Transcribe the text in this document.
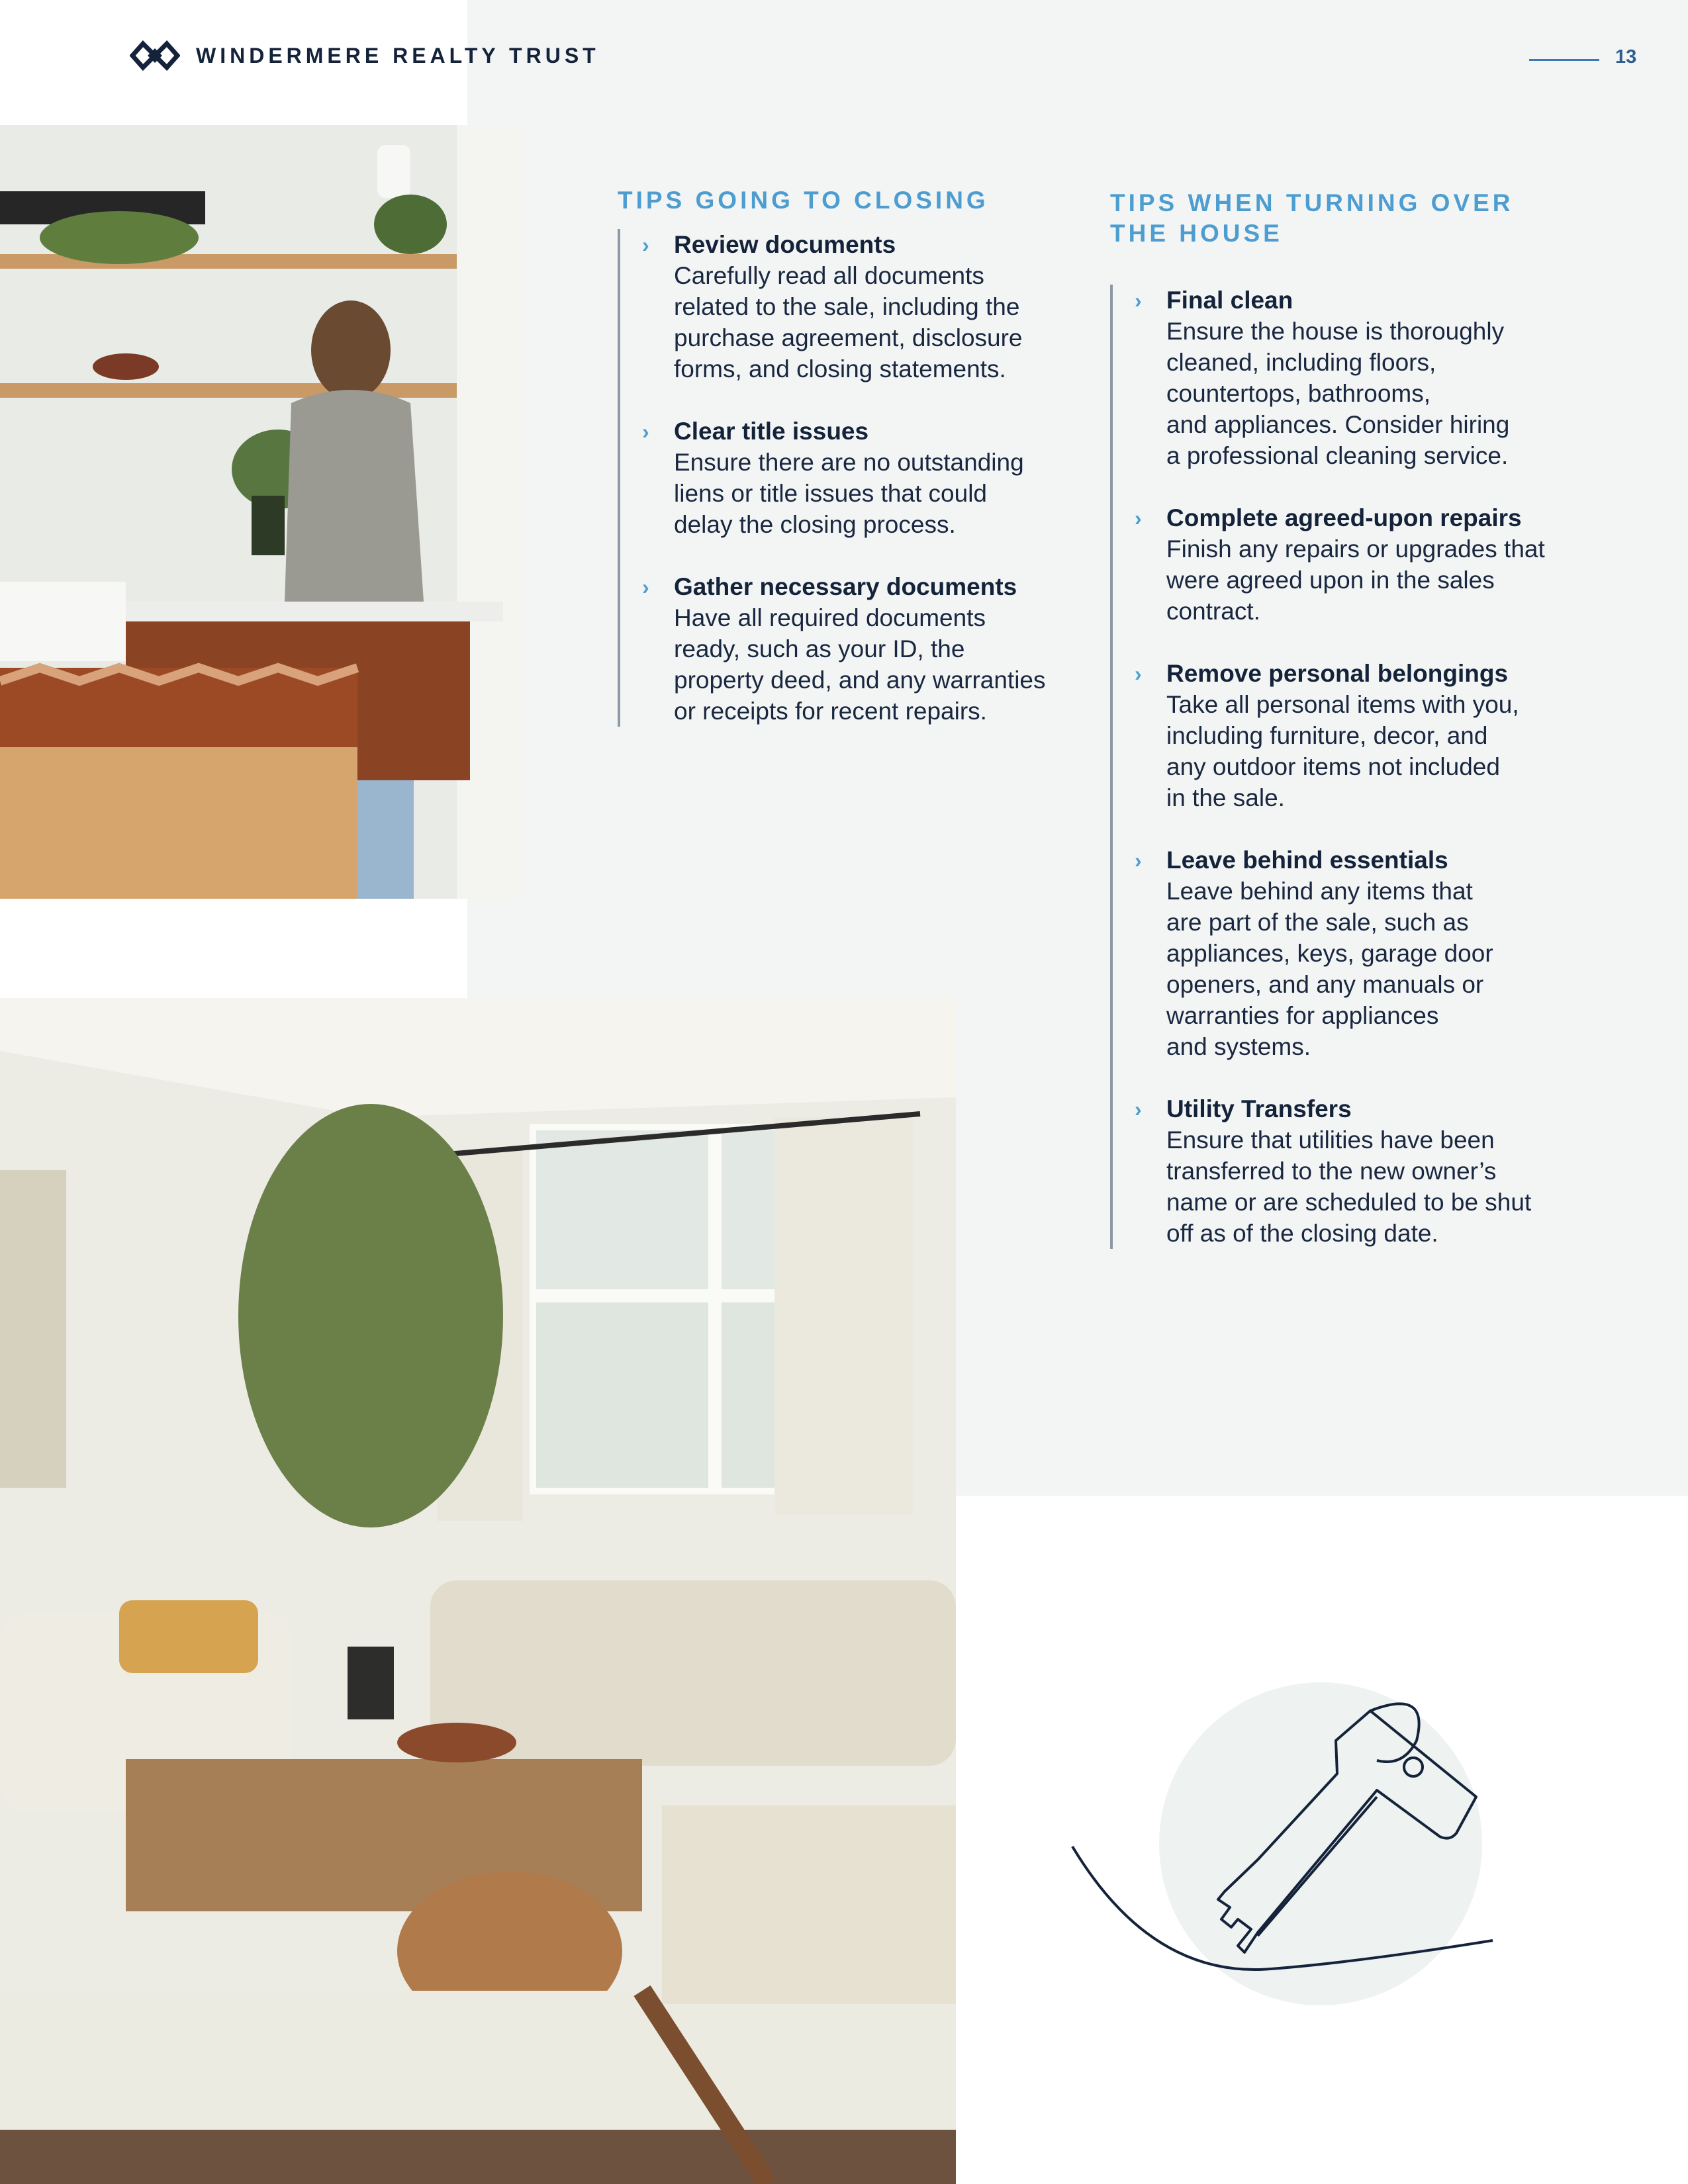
WINDERMERE REALTY TRUST	13
TIPS GOING TO CLOSING
› Review documents
Carefully read all documents
related to the sale, including the
purchase agreement, disclosure
forms, and closing statements.
› Clear title issues
Ensure there are no outstanding
liens or title issues that could
delay the closing process.
› Gather necessary documents
Have all required documents
ready, such as your ID, the
property deed, and any warranties
or receipts for recent repairs.
TIPS WHEN TURNING OVER
THE HOUSE
› Final clean
Ensure the house is thoroughly
cleaned, including floors,
countertops, bathrooms,
and appliances. Consider hiring
a professional cleaning service.
› Complete agreed-upon repairs
Finish any repairs or upgrades that
were agreed upon in the sales
contract.
› Remove personal belongings
Take all personal items with you,
including furniture, decor, and
any outdoor items not included
in the sale.
› Leave behind essentials
Leave behind any items that
are part of the sale, such as
appliances, keys, garage door
openers, and any manuals or
warranties for appliances
and systems.
› Utility Transfers
Ensure that utilities have been
transferred to the new owner’s
name or are scheduled to be shut
off as of the closing date.
